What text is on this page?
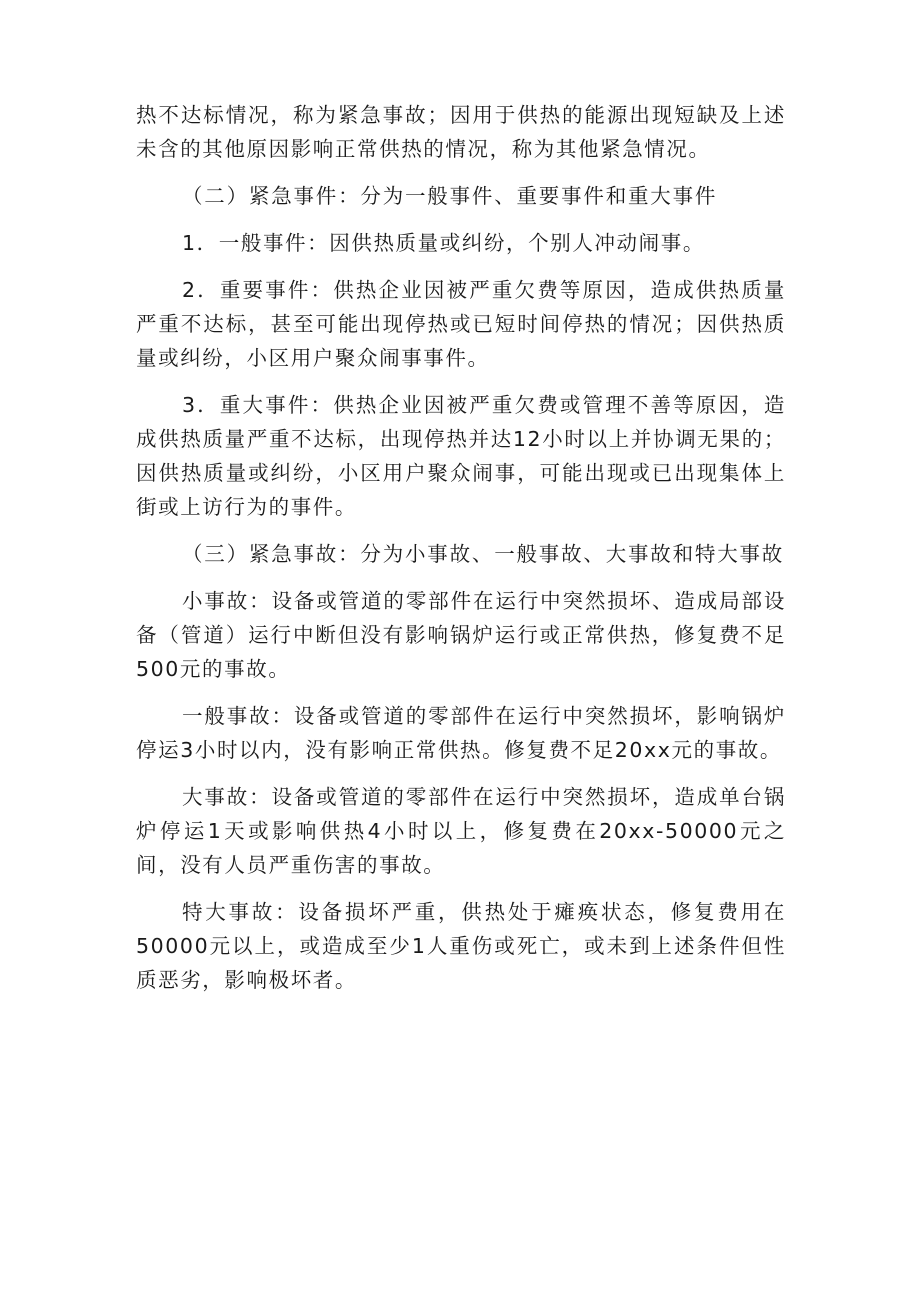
热不达标情况，称为紧急事故；因用于供热的能源出现短缺及上述未含的其他原因影响正常供热的情况，称为其他紧急情况。

（二）紧急事件：分为一般事件、重要事件和重大事件

1．一般事件：因供热质量或纠纷，个别人冲动闹事。

2．重要事件：供热企业因被严重欠费等原因，造成供热质量严重不达标，甚至可能出现停热或已短时间停热的情况；因供热质量或纠纷，小区用户聚众闹事事件。

3．重大事件：供热企业因被严重欠费或管理不善等原因，造成供热质量严重不达标，出现停热并达12小时以上并协调无果的；因供热质量或纠纷，小区用户聚众闹事，可能出现或已出现集体上街或上访行为的事件。

（三）紧急事故：分为小事故、一般事故、大事故和特大事故

小事故：设备或管道的零部件在运行中突然损坏、造成局部设备（管道）运行中断但没有影响锅炉运行或正常供热，修复费不足500元的事故。

一般事故：设备或管道的零部件在运行中突然损坏，影响锅炉停运3小时以内，没有影响正常供热。修复费不足20xx元的事故。

大事故：设备或管道的零部件在运行中突然损坏，造成单台锅炉停运1天或影响供热4小时以上，修复费在20xx-50000元之间，没有人员严重伤害的事故。

特大事故：设备损坏严重，供热处于瘫痪状态，修复费用在50000元以上，或造成至少1人重伤或死亡，或未到上述条件但性质恶劣，影响极坏者。
